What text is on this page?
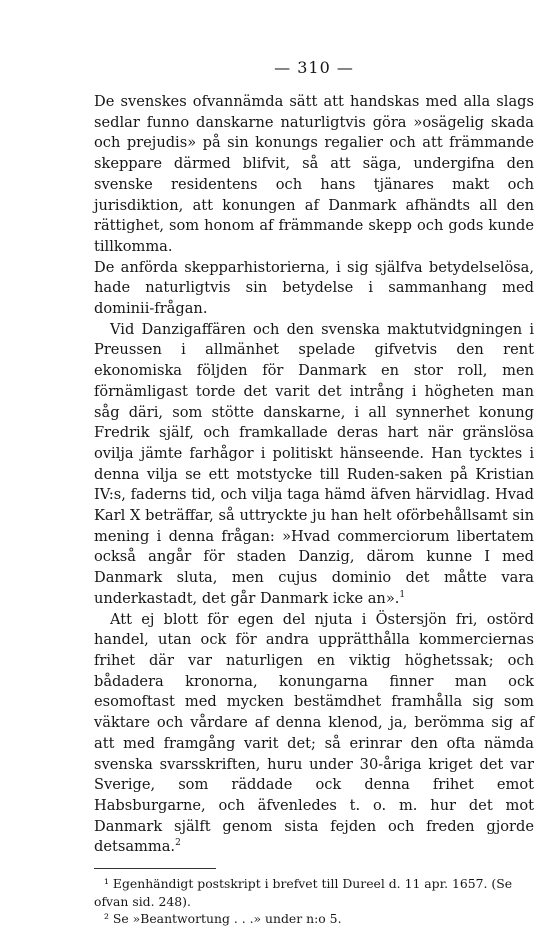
— 310 —

De svenskes ofvannämda sätt att handskas med alla slags sedlar funno danskarne naturligtvis göra »osägelig skada och prejudis» på sin konungs regalier och att främmande skeppare därmed blifvit, så att säga, undergifna den svenske residentens och hans tjänares makt och jurisdiktion, att konungen af Danmark afhändts all den rättighet, som honom af främmande skepp och gods kunde tillkomma.

De anförda skepparhistorierna, i sig själfva betydelselösa, hade naturligtvis sin betydelse i sammanhang med dominii-frågan.

Vid Danzigaffären och den svenska maktutvidgningen i Preussen i allmänhet spelade gifvetvis den rent ekonomiska följden för Danmark en stor roll, men förnämligast torde det varit det intrång i högheten man såg däri, som stötte danskarne, i all synnerhet konung Fredrik själf, och framkallade deras hart när gränslösa ovilja jämte farhågor i politiskt hänseende. Han tycktes i denna vilja se ett motstycke till Ruden-saken på Kristian IV:s, faderns tid, och vilja taga hämd äfven härvidlag. Hvad Karl X beträffar, så uttryckte ju han helt oförbehållsamt sin mening i denna frågan: »Hvad commerciorum libertatem också angår för staden Danzig, därom kunne I med Danmark sluta, men cujus dominio det måtte vara underkastadt, det går Danmark icke an».$^1$

Att ej blott för egen del njuta i Östersjön fri, ostörd handel, utan ock för andra upprätthålla kommerciernas frihet där var naturligen en viktig höghetssak; och bådadera kronorna, konungarna finner man ock esomoftast med mycken bestämdhet framhålla sig som väktare och vårdare af denna klenod, ja, berömma sig af att med framgång varit det; så erinrar den ofta nämda svenska svarsskriften, huru under 30-åriga kriget det var Sverige, som räddade ock denna frihet emot Habsburgarne, och äfvenledes t. o. m. hur det mot Danmark själft genom sista fejden och freden gjorde detsamma.$^2$

¹ Egenhändigt postskript i brefvet till Dureel d. 11 apr. 1657. (Se ofvan sid. 248).

² Se »Beantwortung . . .» under n:o 5.
